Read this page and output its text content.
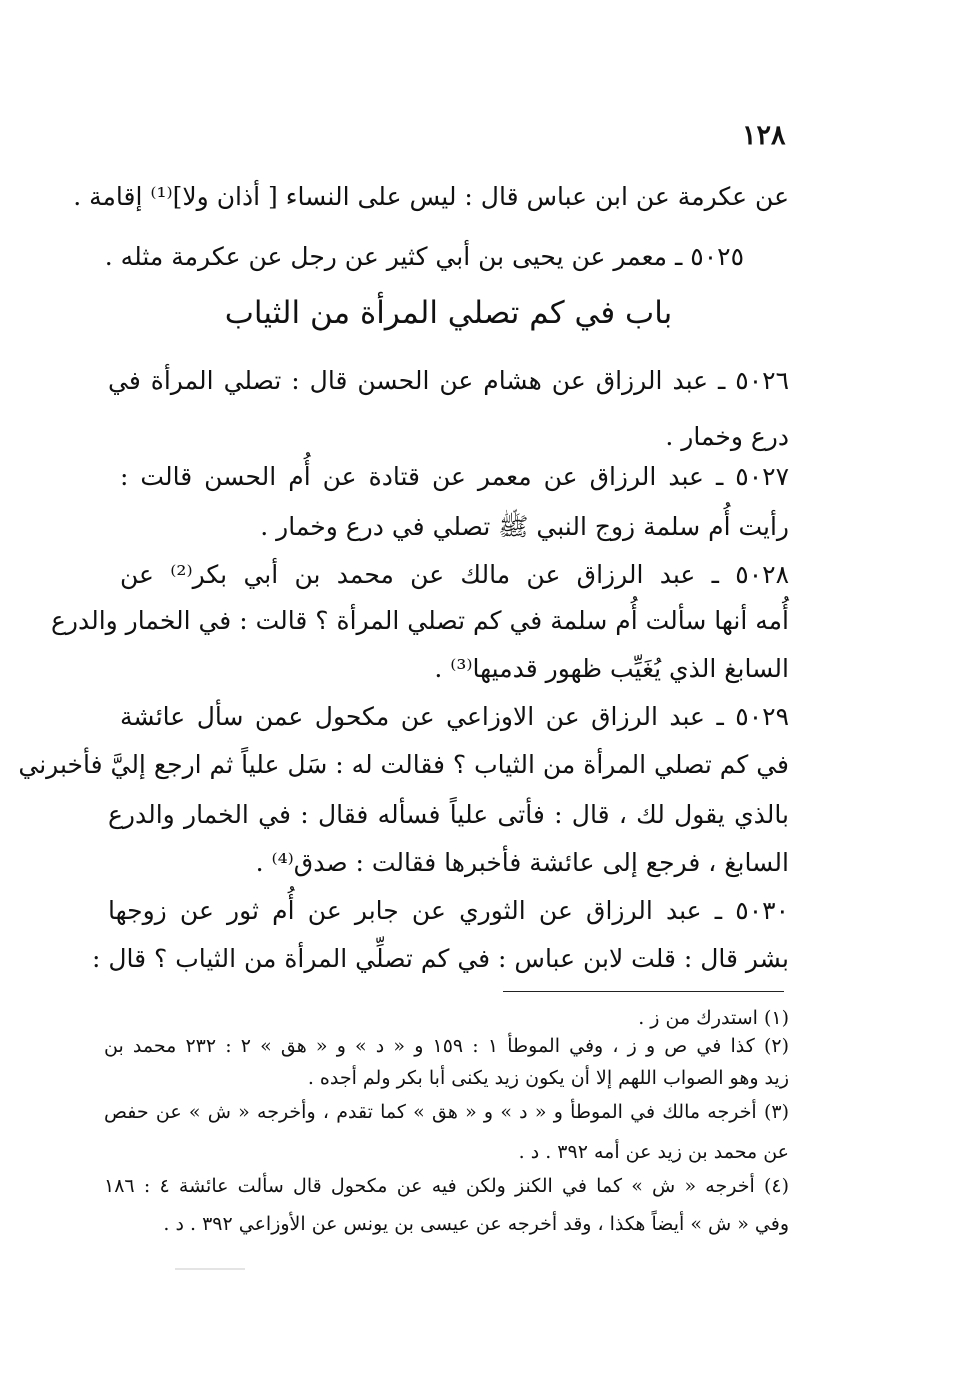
١٢٨
عن عكرمة عن ابن عباس قال : ليس على النساء [ أذان ولا]⁽¹⁾ إقامة .
٥٠٢٥ ـ معمر عن يحيى بن أبي كثير عن رجل عن عكرمة مثله .
باب في كم تصلي المرأة من الثياب
٥٠٢٦ ـ عبد الرزاق عن هشام عن الحسن قال : تصلي المرأة في
درع وخمار .
٥٠٢٧ ـ عبد الرزاق عن معمر عن قتادة عن أُم الحسن قالت :
رأيت أُم سلمة زوج النبي ﷺ تصلي في درع وخمار .
٥٠٢٨ ـ عبد الرزاق عن مالك عن محمد بن أبي بكر⁽²⁾ عن
أُمه أنها سألت أُم سلمة في كم تصلي المرأة ؟ قالت : في الخمار والدرع
السابغ الذي يُغَيِّب ظهور قدميها⁽³⁾ .
٥٠٢٩ ـ عبد الرزاق عن الاوزاعي عن مكحول عمن سأل عائشة
في كم تصلي المرأة من الثياب ؟ فقالت له : سَل علياً ثم ارجع إليَّ فأخبرني
بالذي يقول لك ، قال : فأتى علياً فسأله فقال : في الخمار والدرع
السابغ ، فرجع إلى عائشة فأخبرها فقالت : صدق⁽⁴⁾ .
٥٠٣٠ ـ عبد الرزاق عن الثوري عن جابر عن أُم ثور عن زوجها
بشر قال : قلت لابن عباس : في كم تصلِّي المرأة من الثياب ؟ قال :
(١) استدرك من ز .
(٢) كذا في ص و ز ، وفي الموطأ ١ : ١٥٩ و « د » و « هق » ٢ : ٢٣٢ محمد بن
زيد وهو الصواب اللهم إلا أن يكون زيد يكنى أبا بكر ولم أجده .
(٣) أخرجه مالك في الموطأ و « د » و « هق » كما تقدم ، وأخرجه « ش » عن حفص
عن محمد بن زيد عن أمه ٣٩٢ . د .
(٤) أخرجه « ش » كما في الكنز ولكن فيه عن مكحول قال سألت عائشة ٤ : ١٨٦
وفي « ش » أيضاً هكذا ، وقد أخرجه عن عيسى بن يونس عن الأوزاعي ٣٩٢ . د .
